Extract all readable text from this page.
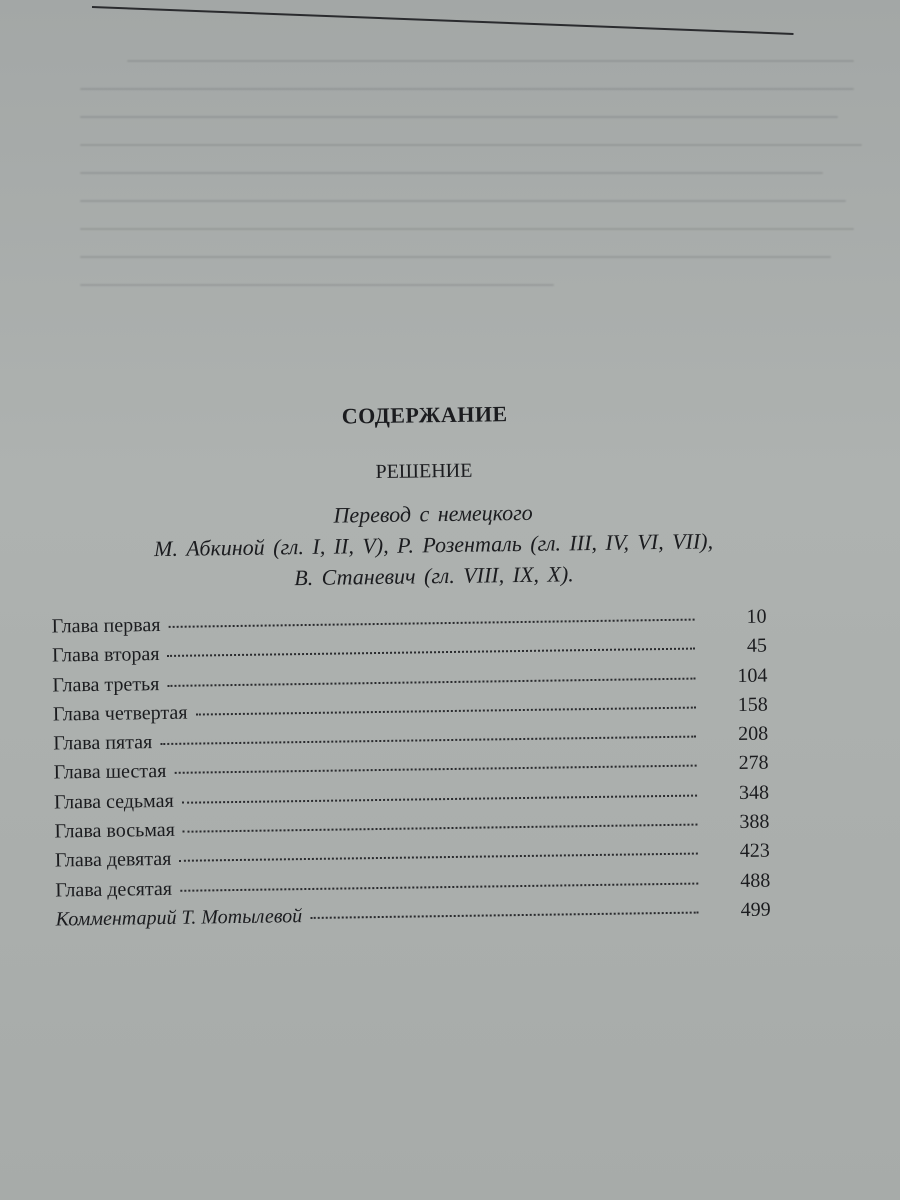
СОДЕРЖАНИЕ
РЕШЕНИЕ
Перевод с немецкого
М. Абкиной (гл. I, II, V), Р. Розенталь (гл. III, IV, VI, VII),
В. Станевич (гл. VIII, IX, X).
Глава первая	10
Глава вторая	45
Глава третья	104
Глава четвертая	158
Глава пятая	208
Глава шестая	278
Глава седьмая	348
Глава восьмая	388
Глава девятая	423
Глава десятая	488
Комментарий Т. Мотылевой	499
